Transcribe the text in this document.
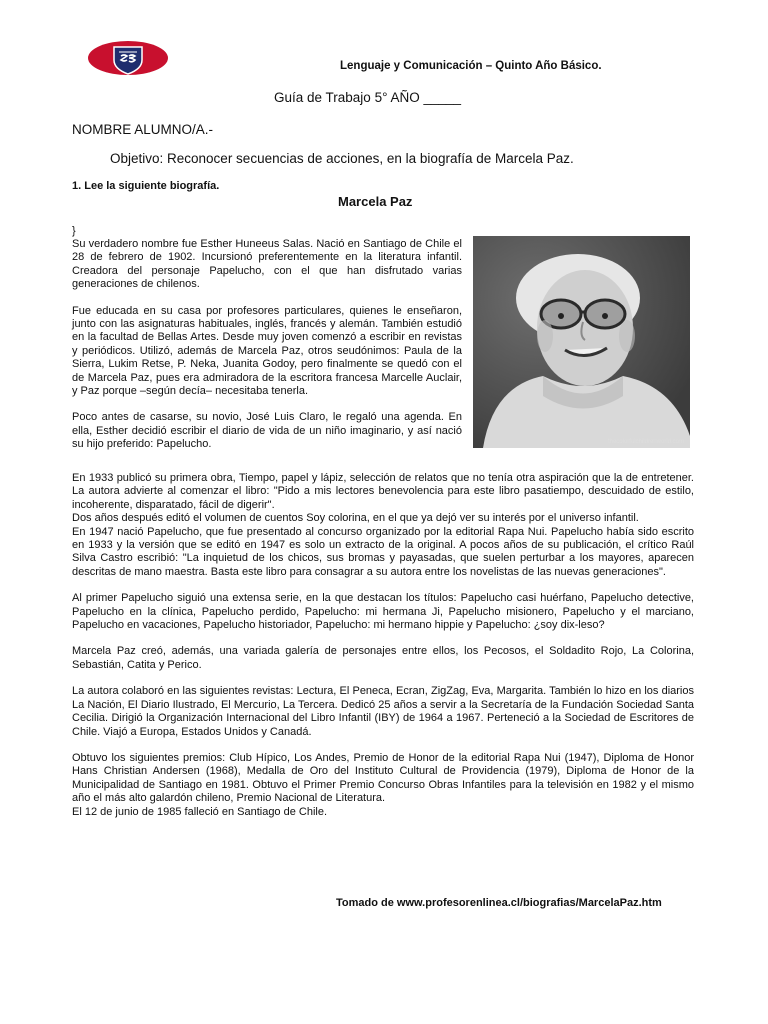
Lenguaje y Comunicación – Quinto Año Básico.
Guía de Trabajo 5° AÑO _____
NOMBRE ALUMNO/A.-
Objetivo: Reconocer secuencias de acciones, en la biografía de Marcela Paz.
1. Lee la siguiente biografía.
Marcela Paz
}
thecolorfulchildrenworld.com

Su verdadero nombre fue Esther Huneeus Salas. Nació en Santiago de Chile el 28 de febrero de 1902. Incursionó preferentemente en la literatura infantil. Creadora del personaje Papelucho, con el que han disfrutado varias generaciones de chilenos.

Fue educada en su casa por profesores particulares, quienes le enseñaron, junto con las asignaturas habituales, inglés, francés y alemán. También estudió en la facultad de Bellas Artes. Desde muy joven comenzó a escribir en revistas y periódicos. Utilizó, además de Marcela Paz, otros seudónimos: Paula de la Sierra, Lukim Retse, P. Neka, Juanita Godoy, pero finalmente se quedó con el de Marcela Paz, pues era admiradora de la escritora francesa Marcelle Auclair, y Paz porque –según decía– necesitaba tenerla.

Poco antes de casarse, su novio, José Luis Claro, le regaló una agenda. En ella, Esther decidió escribir el diario de vida de un niño imaginario, y así nació su hijo preferido: Papelucho.

En 1933 publicó su primera obra, Tiempo, papel y lápiz, selección de relatos que no tenía otra aspiración que la de entretener. La autora advierte al comenzar el libro: "Pido a mis lectores benevolencia para este libro pasatiempo, descuidado de estilo, incoherente, disparatado, fácil de digerir".

Dos años después editó el volumen de cuentos Soy colorina, en el que ya dejó ver su interés por el universo infantil.

En 1947 nació Papelucho, que fue presentado al concurso organizado por la editorial Rapa Nui. Papelucho había sido escrito en 1933 y la versión que se editó en 1947 es solo un extracto de la original. A pocos años de su publicación, el crítico Raúl Silva Castro escribió: "La inquietud de los chicos, sus bromas y payasadas, que suelen perturbar a los mayores, aparecen descritas de mano maestra. Basta este libro para consagrar a su autora entre los novelistas de las nuevas generaciones".

Al primer Papelucho siguió una extensa serie, en la que destacan los títulos: Papelucho casi huérfano, Papelucho detective, Papelucho en la clínica, Papelucho perdido, Papelucho: mi hermana Ji, Papelucho misionero, Papelucho y el marciano, Papelucho en vacaciones, Papelucho historiador, Papelucho: mi hermano hippie y Papelucho: ¿soy dix-leso?

Marcela Paz creó, además, una variada galería de personajes entre ellos, los Pecosos, el Soldadito Rojo, La Colorina, Sebastián, Catita y Perico.

La autora colaboró en las siguientes revistas: Lectura, El Peneca, Ecran, ZigZag, Eva, Margarita. También lo hizo en los diarios La Nación, El Diario Ilustrado, El Mercurio, La Tercera. Dedicó 25 años a servir a la Secretaría de la Fundación Sociedad Santa Cecilia. Dirigió la Organización Internacional del Libro Infantil (IBY) de 1964 a 1967. Perteneció a la Sociedad de Escritores de Chile. Viajó a Europa, Estados Unidos y Canadá.

Obtuvo los siguientes premios: Club Hípico, Los Andes, Premio de Honor de la editorial Rapa Nui (1947), Diploma de Honor Hans Christian Andersen (1968), Medalla de Oro del Instituto Cultural de Providencia (1979), Diploma de Honor de la Municipalidad de Santiago en 1981. Obtuvo el Primer Premio Concurso Obras Infantiles para la televisión en 1982 y el mismo año el más alto galardón chileno, Premio Nacional de Literatura.

El 12 de junio de 1985 falleció en Santiago de Chile.

Tomado de www.profesorenlinea.cl/biografias/MarcelaPaz.htm
